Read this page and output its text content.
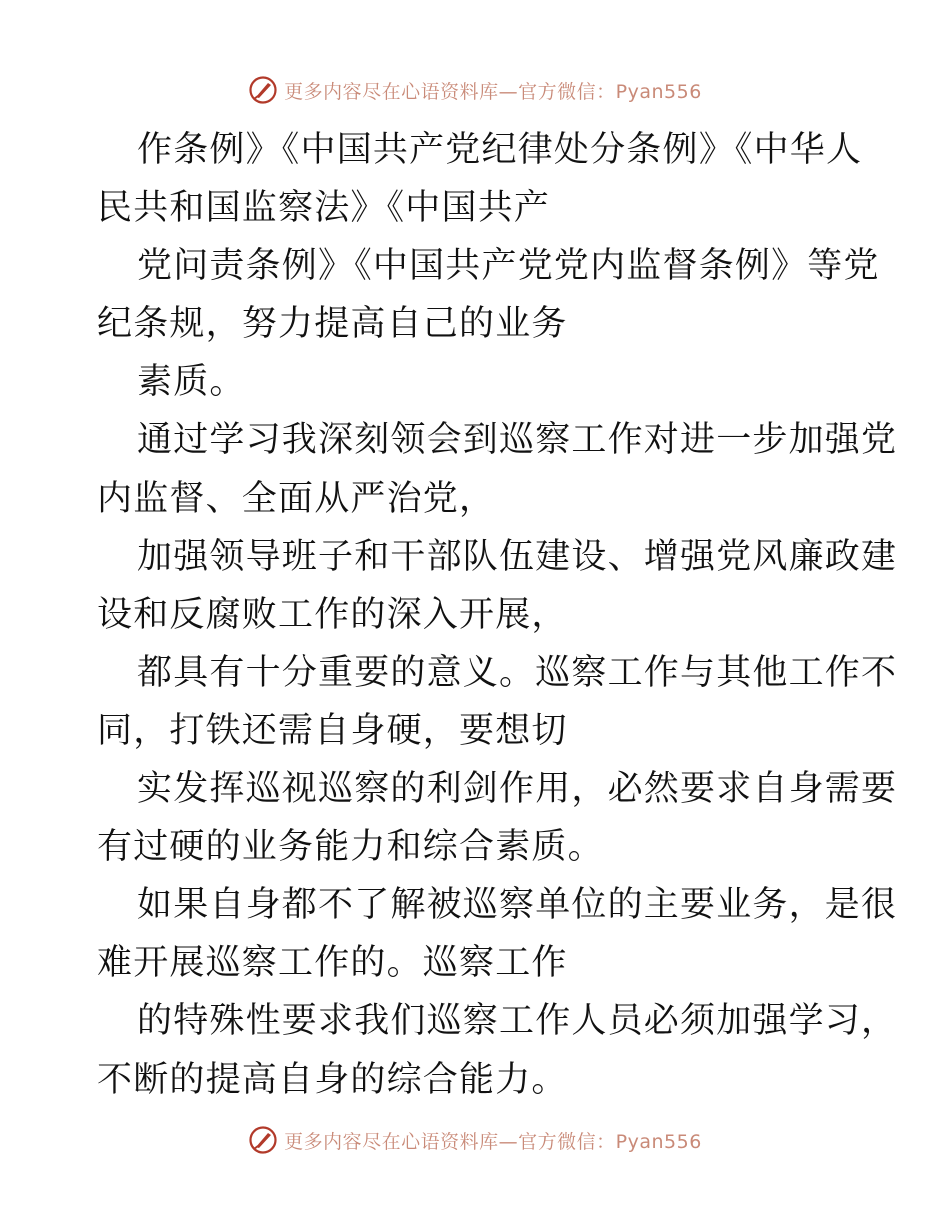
更多内容尽在心语资料库—官方微信：Pyan556
作条例》《中国共产党纪律处分条例》《中华人
民共和国监察法》《中国共产
党问责条例》《中国共产党党内监督条例》等党
纪条规，努力提高自己的业务
素质。
通过学习我深刻领会到巡察工作对进一步加强党
内监督、全面从严治党，
加强领导班子和干部队伍建设、增强党风廉政建
设和反腐败工作的深入开展，
都具有十分重要的意义。巡察工作与其他工作不
同，打铁还需自身硬，要想切
实发挥巡视巡察的利剑作用，必然要求自身需要
有过硬的业务能力和综合素质。
如果自身都不了解被巡察单位的主要业务，是很
难开展巡察工作的。巡察工作
的特殊性要求我们巡察工作人员必须加强学习，
不断的提高自身的综合能力。
更多内容尽在心语资料库—官方微信：Pyan556
